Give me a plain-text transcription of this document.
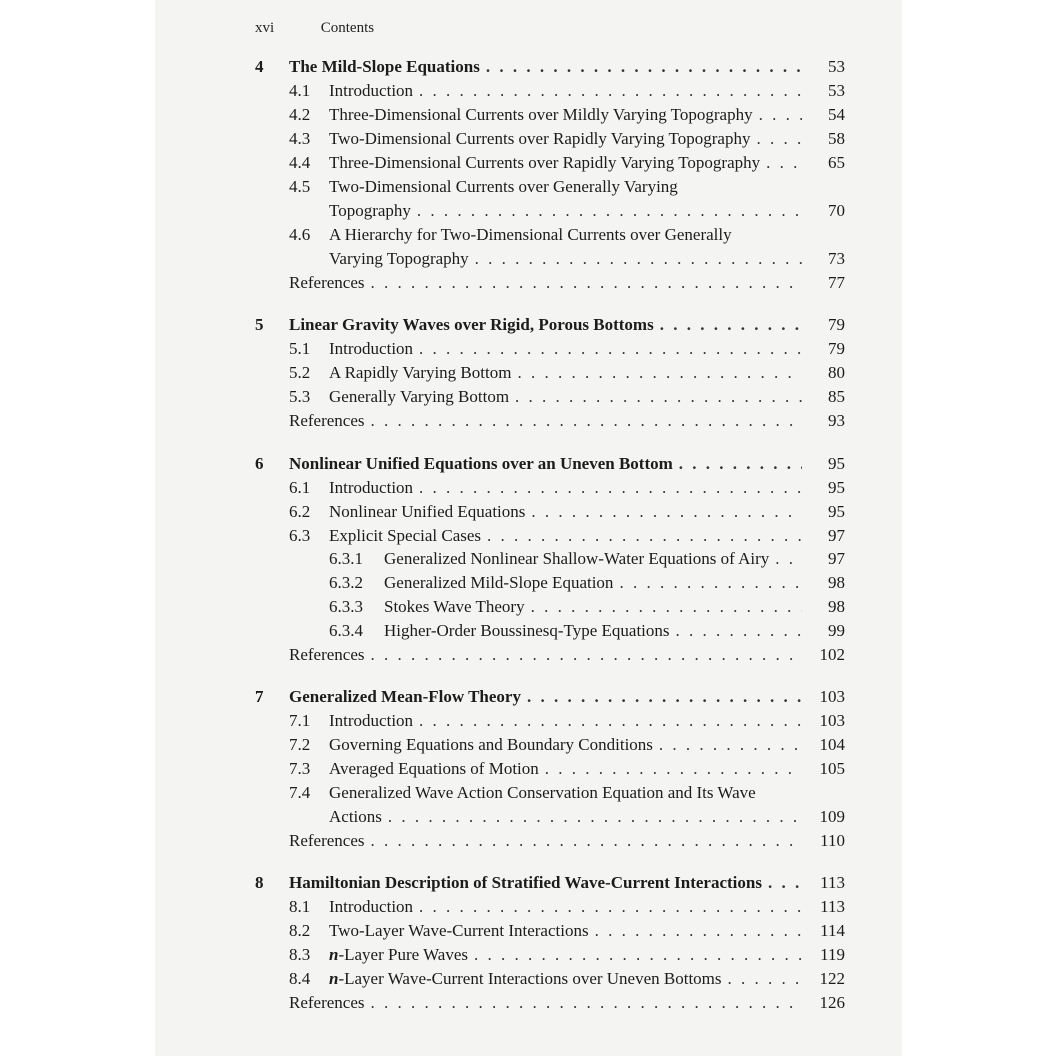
xvi	Contents
4 The Mild-Slope Equations . . .	53
4.1 Introduction . . .	53
4.2 Three-Dimensional Currents over Mildly Varying Topography . . .	54
4.3 Two-Dimensional Currents over Rapidly Varying Topography . . .	58
4.4 Three-Dimensional Currents over Rapidly Varying Topography . . .	65
4.5 Two-Dimensional Currents over Generally Varying
Topography . . .	70
4.6 A Hierarchy for Two-Dimensional Currents over Generally
Varying Topography . . .	73
References . . .	77
5 Linear Gravity Waves over Rigid, Porous Bottoms . . .	79
5.1 Introduction . . .	79
5.2 A Rapidly Varying Bottom . . .	80
5.3 Generally Varying Bottom . . .	85
References . . .	93
6 Nonlinear Unified Equations over an Uneven Bottom . . .	95
6.1 Introduction . . .	95
6.2 Nonlinear Unified Equations . . .	95
6.3 Explicit Special Cases . . .	97
6.3.1 Generalized Nonlinear Shallow-Water Equations of Airy . . .	97
6.3.2 Generalized Mild-Slope Equation . . .	98
6.3.3 Stokes Wave Theory . . .	98
6.3.4 Higher-Order Boussinesq-Type Equations . . .	99
References . . .	102
7 Generalized Mean-Flow Theory . . .	103
7.1 Introduction . . .	103
7.2 Governing Equations and Boundary Conditions . . .	104
7.3 Averaged Equations of Motion . . .	105
7.4 Generalized Wave Action Conservation Equation and Its Wave
Actions . . .	109
References . . .	110
8 Hamiltonian Description of Stratified Wave-Current Interactions . . .	113
8.1 Introduction . . .	113
8.2 Two-Layer Wave-Current Interactions . . .	114
8.3 n-Layer Pure Waves . . .	119
8.4 n-Layer Wave-Current Interactions over Uneven Bottoms . . .	122
References . . .	126
